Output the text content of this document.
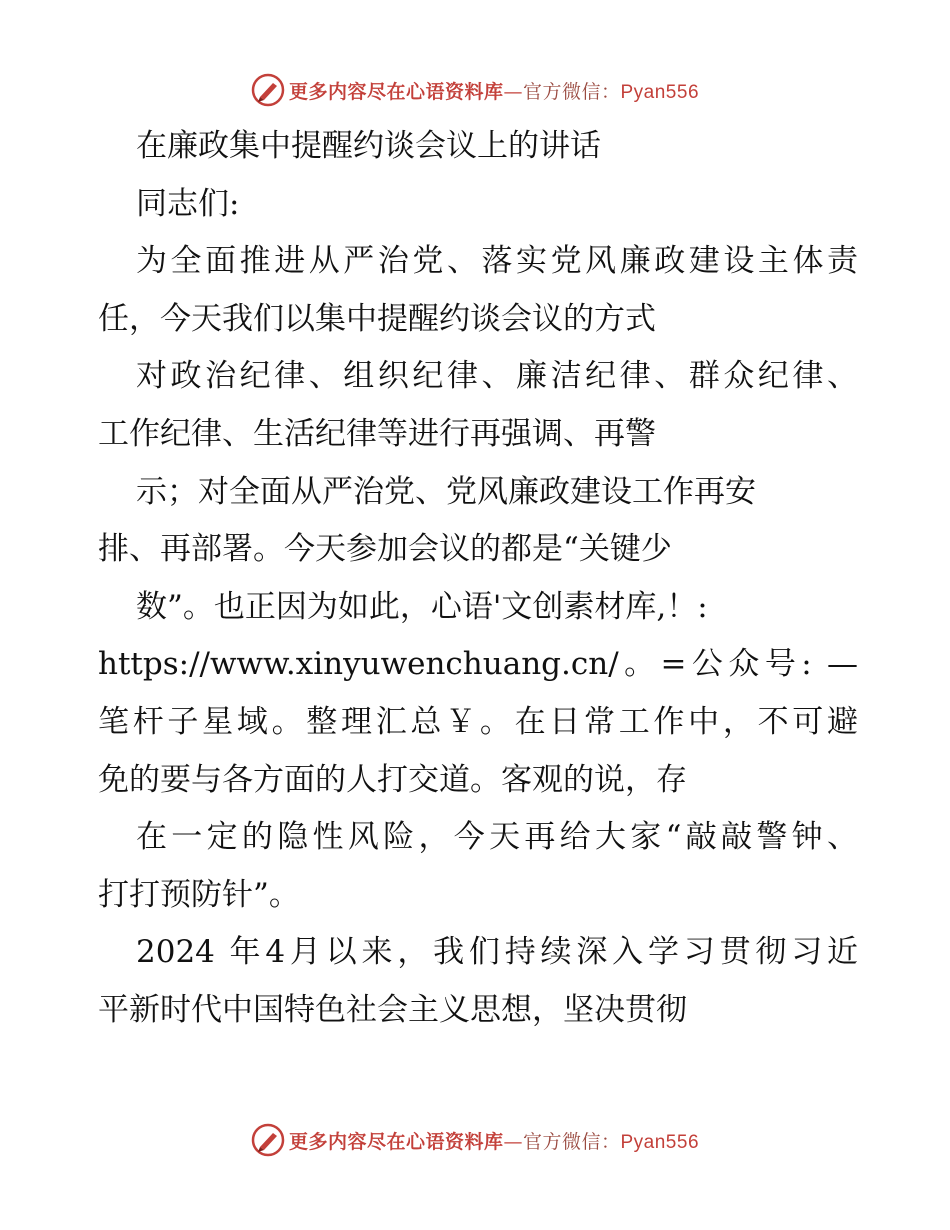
更多内容尽在心语资料库—官方微信：Pyan556
在廉政集中提醒约谈会议上的讲话
同志们:
为全面推进从严治党、落实党风廉政建设主体责
任，今天我们以集中提醒约谈会议的方式
对政治纪律、组织纪律、廉洁纪律、群众纪律、
工作纪律、生活纪律等进行再强调、再警
示；对全面从严治党、党风廉政建设工作再安
排、再部署。今天参加会议的都是“关键少
数”。也正因为如此，心语'文创素材库,！:
https://www.xinyuwenchuang.cn/。=公众号: —
笔杆子星域。整理汇总￥。在日常工作中，不可避
免的要与各方面的人打交道。客观的说，存
在一定的隐性风险，今天再给大家“敲敲警钟、
打打预防针”。
2024 年4月以来，我们持续深入学习贯彻习近
平新时代中国特色社会主义思想，坚决贯彻
更多内容尽在心语资料库—官方微信：Pyan556
